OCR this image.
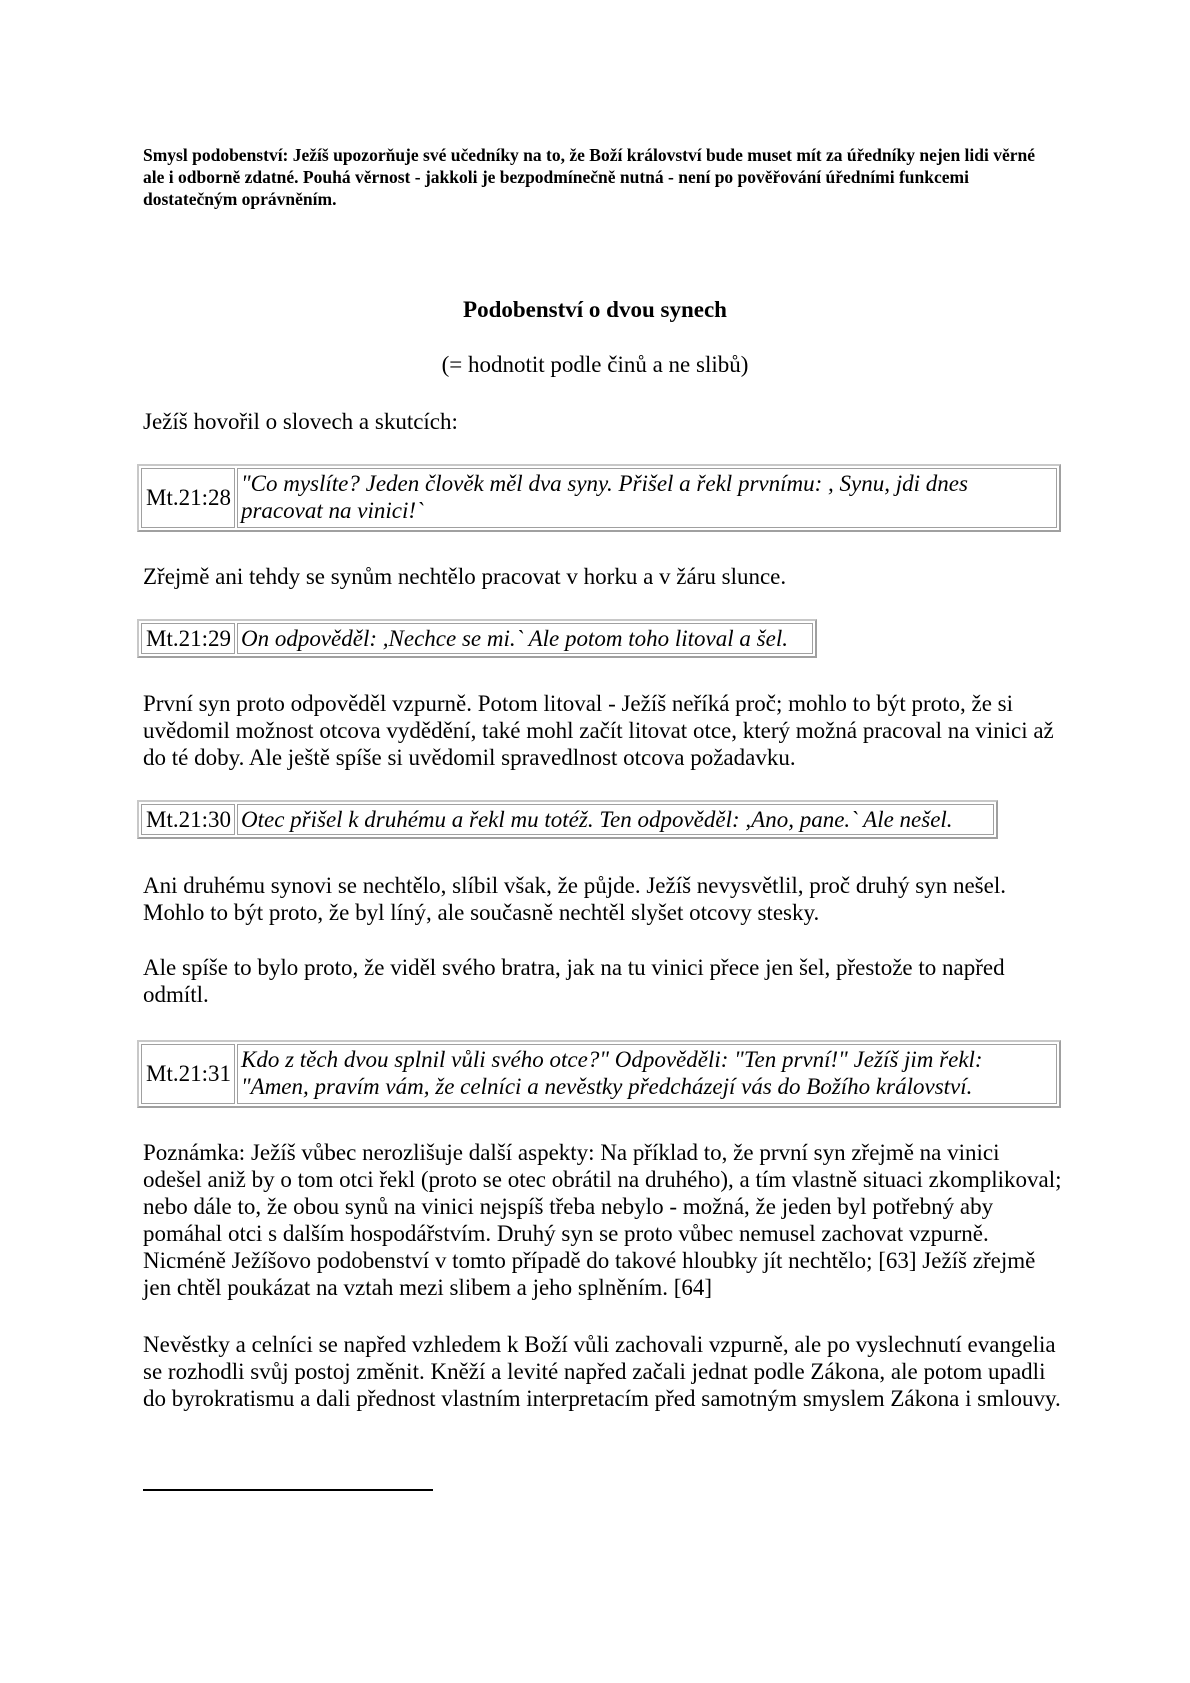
Smysl podobenství: Ježíš upozorňuje své učedníky na to, že Boží království bude muset mít za úředníky nejen lidi věrné ale i odborně zdatné. Pouhá věrnost - jakkoli je bezpodmínečně nutná - není po pověřování úředními funkcemi dostatečným oprávněním.
Podobenství o dvou synech
(= hodnotit podle činů a ne slibů)
Ježíš hovořil o slovech a skutcích:
Mt.21:28
"Co myslíte? Jeden člověk měl dva syny. Přišel a řekl prvnímu: , Synu, jdi dnes pracovat na vinici!`
Zřejmě ani tehdy se synům nechtělo pracovat v horku a v žáru slunce.
Mt.21:29 On odpověděl: ,Nechce se mi.` Ale potom toho litoval a šel.
První syn proto odpověděl vzpurně. Potom litoval - Ježíš neříká proč; mohlo to být proto, že si uvědomil možnost otcova vydědění, také mohl začít litovat otce, který možná pracoval na vinici až do té doby. Ale ještě spíše si uvědomil spravedlnost otcova požadavku.
Mt.21:30 Otec přišel k druhému a řekl mu totéž. Ten odpověděl: ,Ano, pane.` Ale nešel.
Ani druhému synovi se nechtělo, slíbil však, že půjde. Ježíš nevysvětlil, proč druhý syn nešel. Mohlo to být proto, že byl líný, ale současně nechtěl slyšet otcovy stesky.
Ale spíše to bylo proto, že viděl svého bratra, jak na tu vinici přece jen šel, přestože to napřed odmítl.
Mt.21:31
Kdo z těch dvou splnil vůli svého otce?" Odpověděli: "Ten první!" Ježíš jim řekl: "Amen, pravím vám, že celníci a nevěstky předcházejí vás do Božího království.
Poznámka: Ježíš vůbec nerozlišuje další aspekty: Na příklad to, že první syn zřejmě na vinici odešel aniž by o tom otci řekl (proto se otec obrátil na druhého), a tím vlastně situaci zkomplikoval; nebo dále to, že obou synů na vinici nejspíš třeba nebylo - možná, že jeden byl potřebný aby pomáhal otci s dalším hospodářstvím. Druhý syn se proto vůbec nemusel zachovat vzpurně. Nicméně Ježíšovo podobenství v tomto případě do takové hloubky jít nechtělo; [63] Ježíš zřejmě jen chtěl poukázat na vztah mezi slibem a jeho splněním. [64]
Nevěstky a celníci se napřed vzhledem k Boží vůli zachovali vzpurně, ale po vyslechnutí evangelia se rozhodli svůj postoj změnit. Kněží a levité napřed začali jednat podle Zákona, ale potom upadli do byrokratismu a dali přednost vlastním interpretacím před samotným smyslem Zákona i smlouvy.
